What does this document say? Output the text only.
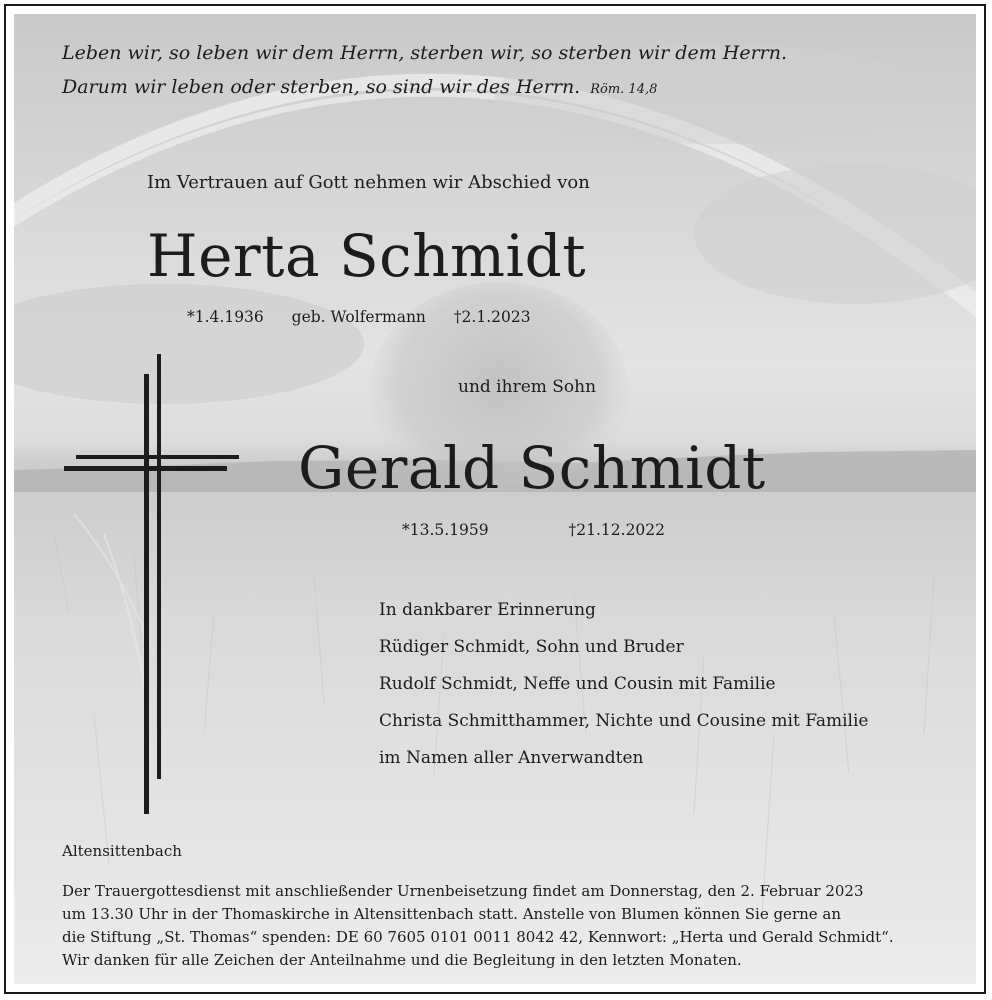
Leben wir, so leben wir dem Herrn, sterben wir, so sterben wir dem Herrn.
Darum wir leben oder sterben, so sind wir des Herrn. Röm. 14,8
Im Vertrauen auf Gott nehmen wir Abschied von
Herta Schmidt
*1.4.1936 geb. Wolfermann †2.1.2023
und ihrem Sohn
Gerald Schmidt
*13.5.1959	†21.12.2022
In dankbarer Erinnerung
Rüdiger Schmidt, Sohn und Bruder
Rudolf Schmidt, Neffe und Cousin mit Familie
Christa Schmitthammer, Nichte und Cousine mit Familie
im Namen aller Anverwandten
Altensittenbach
Der Trauergottesdienst mit anschließender Urnenbeisetzung findet am Donnerstag, den 2. Februar 2023
um 13.30 Uhr in der Thomaskirche in Altensittenbach statt. Anstelle von Blumen können Sie gerne an
die Stiftung „St. Thomas“ spenden: DE 60 7605 0101 0011 8042 42, Kennwort: „Herta und Gerald Schmidt“.
Wir danken für alle Zeichen der Anteilnahme und die Begleitung in den letzten Monaten.
